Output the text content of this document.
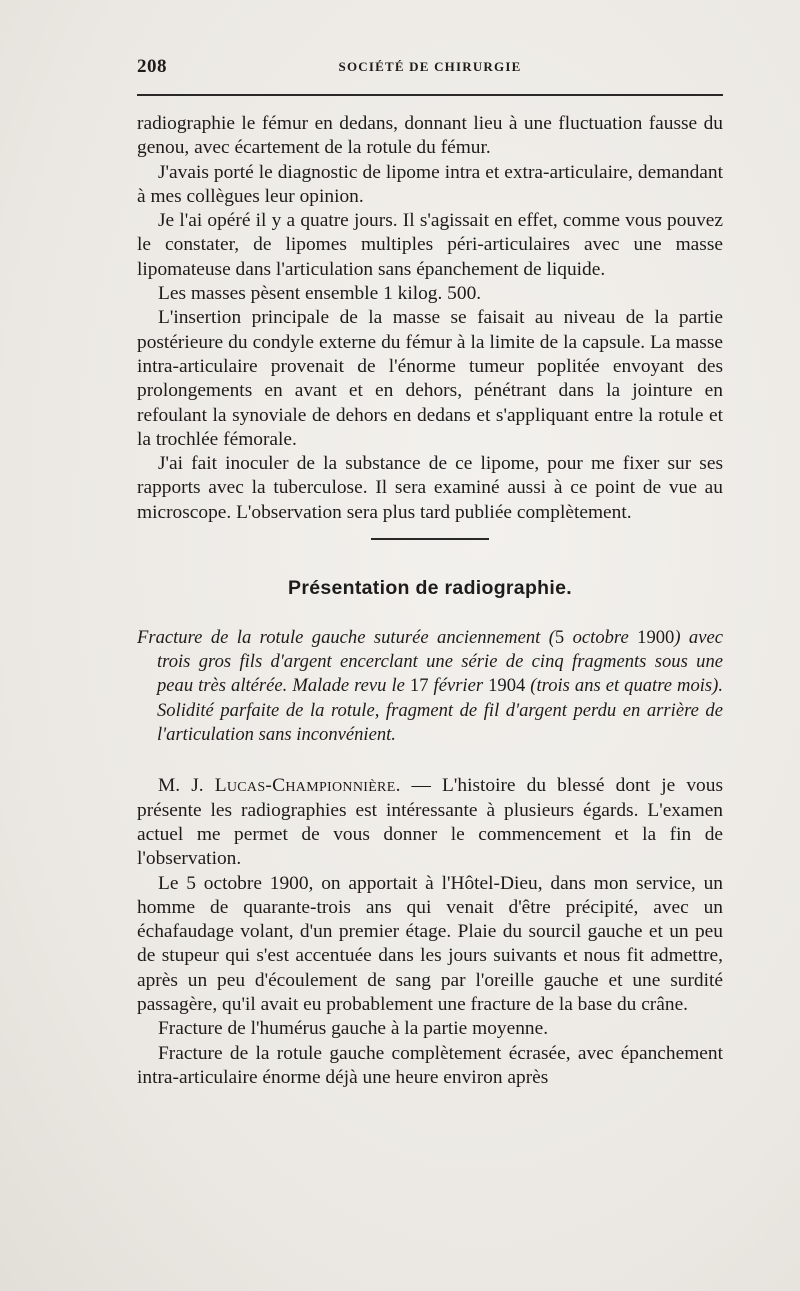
208	SOCIÉTÉ DE CHIRURGIE

radiographie le fémur en dedans, donnant lieu à une fluctuation fausse du genou, avec écartement de la rotule du fémur.

J'avais porté le diagnostic de lipome intra et extra-articulaire, demandant à mes collègues leur opinion.

Je l'ai opéré il y a quatre jours. Il s'agissait en effet, comme vous pouvez le constater, de lipomes multiples péri-articulaires avec une masse lipomateuse dans l'articulation sans épanchement de liquide.

Les masses pèsent ensemble 1 kilog. 500.

L'insertion principale de la masse se faisait au niveau de la partie postérieure du condyle externe du fémur à la limite de la capsule. La masse intra-articulaire provenait de l'énorme tumeur poplitée envoyant des prolongements en avant et en dehors, pénétrant dans la jointure en refoulant la synoviale de dehors en dedans et s'appliquant entre la rotule et la trochlée fémorale.

J'ai fait inoculer de la substance de ce lipome, pour me fixer sur ses rapports avec la tuberculose. Il sera examiné aussi à ce point de vue au microscope. L'observation sera plus tard publiée complètement.

Présentation de radiographie.
Fracture de la rotule gauche suturée anciennement (5 octobre 1900) avec trois gros fils d'argent encerclant une série de cinq fragments sous une peau très altérée. Malade revu le 17 février 1904 (trois ans et quatre mois). Solidité parfaite de la rotule, fragment de fil d'argent perdu en arrière de l'articulation sans inconvénient.

M. J. Lucas-Championnière. — L'histoire du blessé dont je vous présente les radiographies est intéressante à plusieurs égards. L'examen actuel me permet de vous donner le commencement et la fin de l'observation.

Le 5 octobre 1900, on apportait à l'Hôtel-Dieu, dans mon service, un homme de quarante-trois ans qui venait d'être précipité, avec un échafaudage volant, d'un premier étage. Plaie du sourcil gauche et un peu de stupeur qui s'est accentuée dans les jours suivants et nous fit admettre, après un peu d'écoulement de sang par l'oreille gauche et une surdité passagère, qu'il avait eu probablement une fracture de la base du crâne.

Fracture de l'humérus gauche à la partie moyenne.

Fracture de la rotule gauche complètement écrasée, avec épanchement intra-articulaire énorme déjà une heure environ après
